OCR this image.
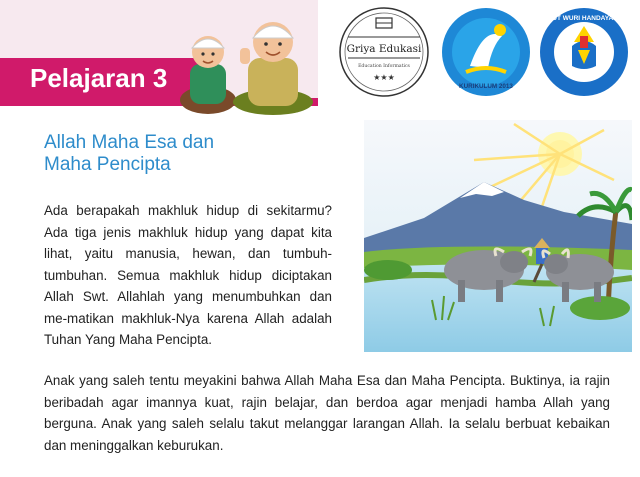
Pelajaran 3
Griya Edukasi
Education Informatics
★★★
KURIKULUM 2013
TUT WURI HANDAYANI
Allah Maha Esa dan
Maha Pencipta

Ada berapakah makhluk hidup di sekitarmu? Ada tiga jenis makhluk hidup yang dapat kita lihat, yaitu manusia, hewan, dan tumbuh-tumbuhan. Semua makhluk hidup diciptakan Allah Swt. Allahlah yang menumbuhkan dan me-matikan makhluk-Nya karena Allah adalah Tuhan Yang Maha Pencipta.

Anak yang saleh tentu meyakini bahwa Allah Maha Esa dan Maha Pencipta. Buktinya, ia rajin beribadah agar imannya kuat, rajin belajar, dan berdoa agar menjadi hamba Allah yang berguna. Anak yang saleh selalu takut melanggar larangan Allah. Ia selalu berbuat kebaikan dan meninggalkan keburukan.
